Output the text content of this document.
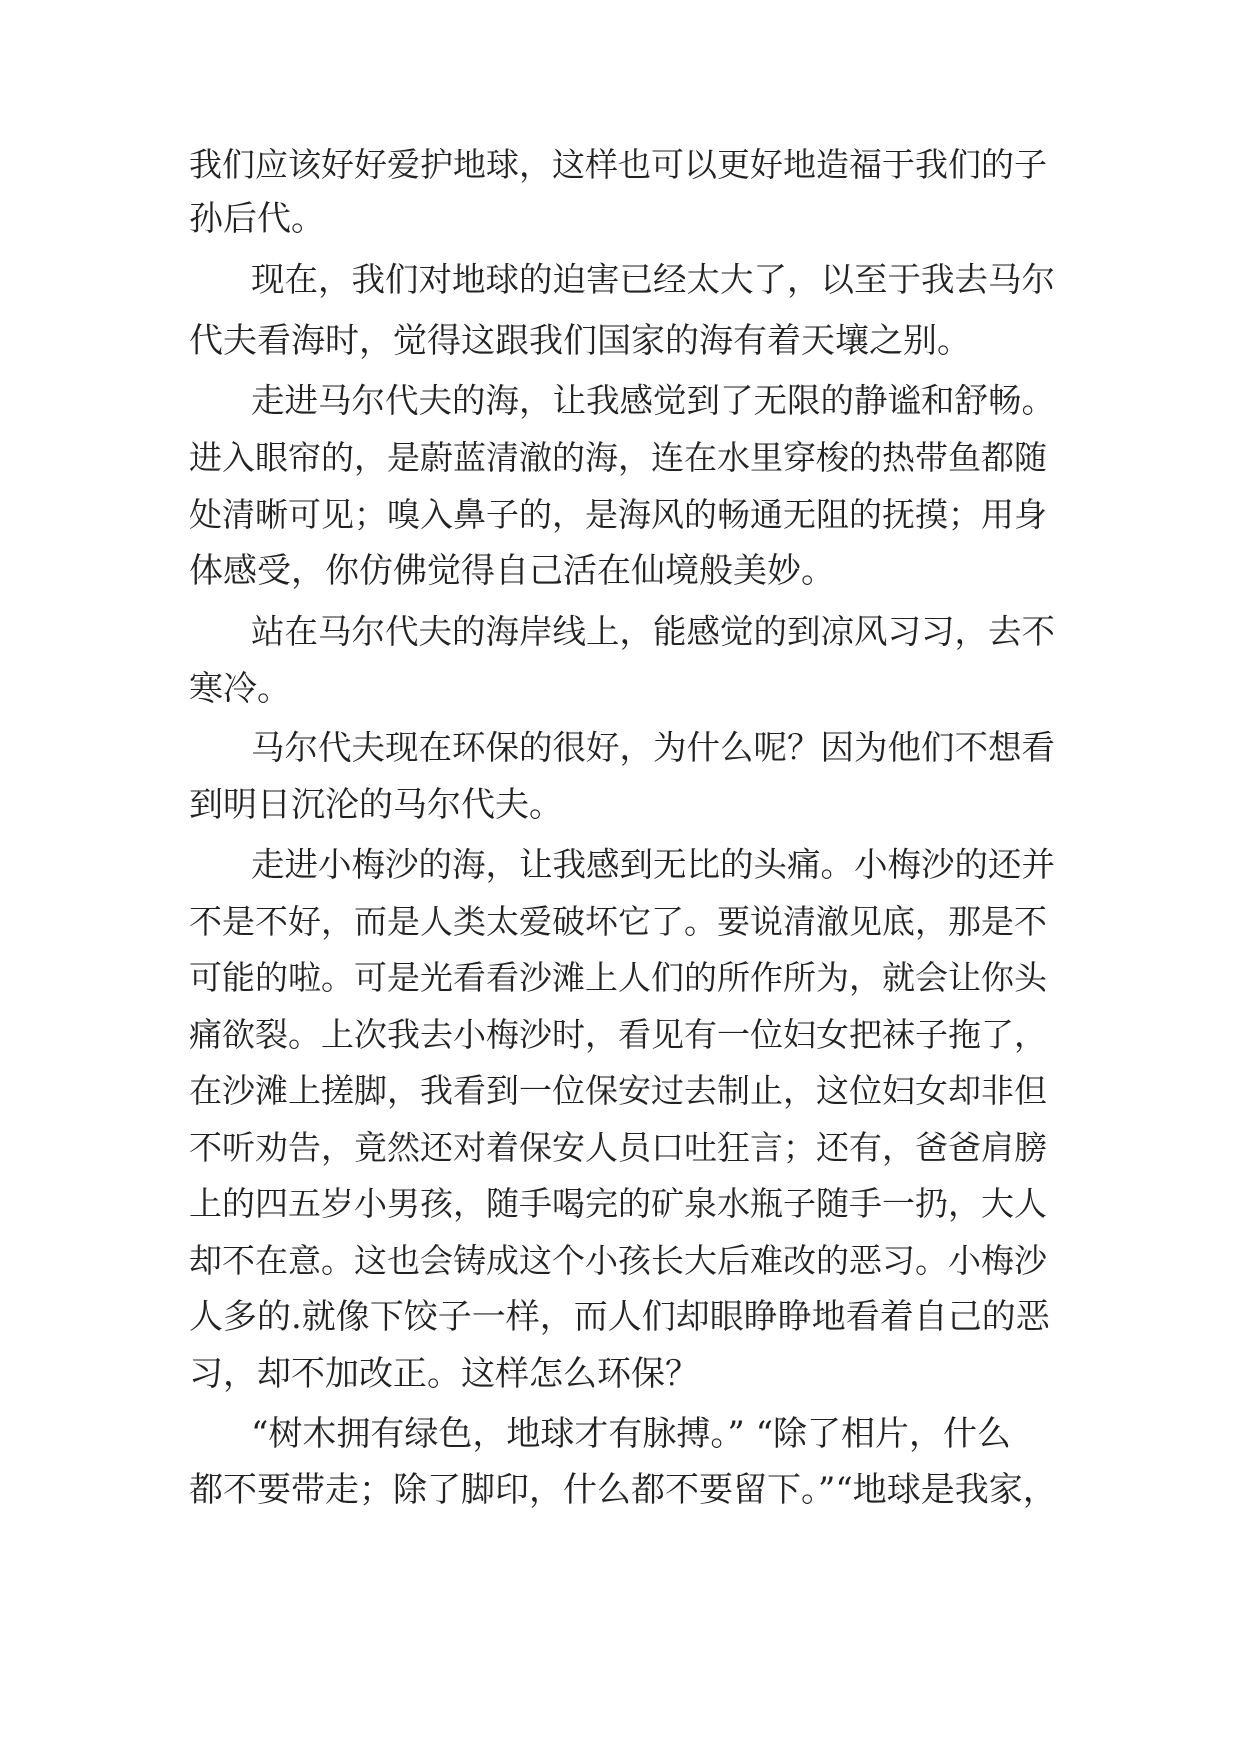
我们应该好好爱护地球，这样也可以更好地造福于我们的子
孙后代。
现在，我们对地球的迫害已经太大了，以至于我去马尔
代夫看海时，觉得这跟我们国家的海有着天壤之别。
走进马尔代夫的海，让我感觉到了无限的静谧和舒畅。
进入眼帘的，是蔚蓝清澈的海，连在水里穿梭的热带鱼都随
处清晰可见；嗅入鼻子的，是海风的畅通无阻的抚摸；用身
体感受，你仿佛觉得自己活在仙境般美妙。
站在马尔代夫的海岸线上，能感觉的到凉风习习，去不
寒冷。
马尔代夫现在环保的很好，为什么呢？因为他们不想看
到明日沉沦的马尔代夫。
走进小梅沙的海，让我感到无比的头痛。小梅沙的还并
不是不好，而是人类太爱破坏它了。要说清澈见底，那是不
可能的啦。可是光看看沙滩上人们的所作所为，就会让你头
痛欲裂。上次我去小梅沙时，看见有一位妇女把袜子拖了，
在沙滩上搓脚，我看到一位保安过去制止，这位妇女却非但
不听劝告，竟然还对着保安人员口吐狂言；还有，爸爸肩膀
上的四五岁小男孩，随手喝完的矿泉水瓶子随手一扔，大人
却不在意。这也会铸成这个小孩长大后难改的恶习。小梅沙
人多的.就像下饺子一样，而人们却眼睁睁地看着自己的恶
习，却不加改正。这样怎么环保？
“树木拥有绿色，地球才有脉搏。” “除了相片，什么
都不要带走；除了脚印，什么都不要留下。”“地球是我家，
